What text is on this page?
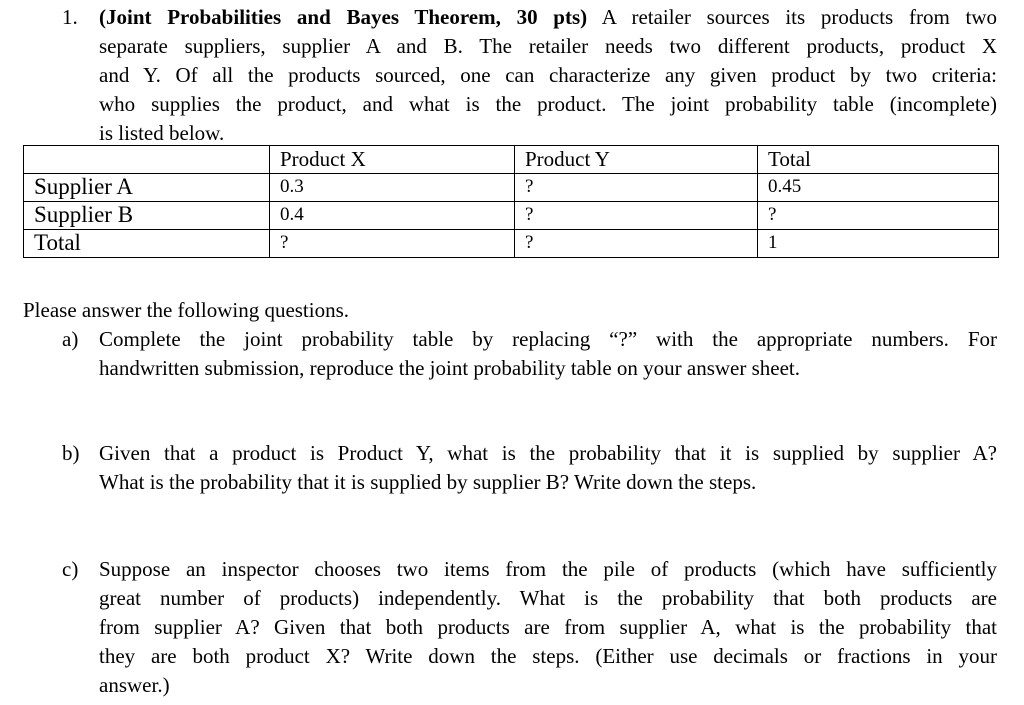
1. (Joint Probabilities and Bayes Theorem, 30 pts) A retailer sources its products from two
separate suppliers, supplier A and B. The retailer needs two different products, product X
and Y. Of all the products sourced, one can characterize any given product by two criteria:
who supplies the product, and what is the product. The joint probability table (incomplete)
is listed below.
	Product X	Product Y	Total
Supplier A	0.3	?	0.45
Supplier B	0.4	?	?
Total	?	?	1
Please answer the following questions.
a) Complete the joint probability table by replacing “?” with the appropriate numbers. For
handwritten submission, reproduce the joint probability table on your answer sheet.
b) Given that a product is Product Y, what is the probability that it is supplied by supplier A?
What is the probability that it is supplied by supplier B? Write down the steps.
c) Suppose an inspector chooses two items from the pile of products (which have sufficiently
great number of products) independently. What is the probability that both products are
from supplier A? Given that both products are from supplier A, what is the probability that
they are both product X? Write down the steps. (Either use decimals or fractions in your
answer.)
